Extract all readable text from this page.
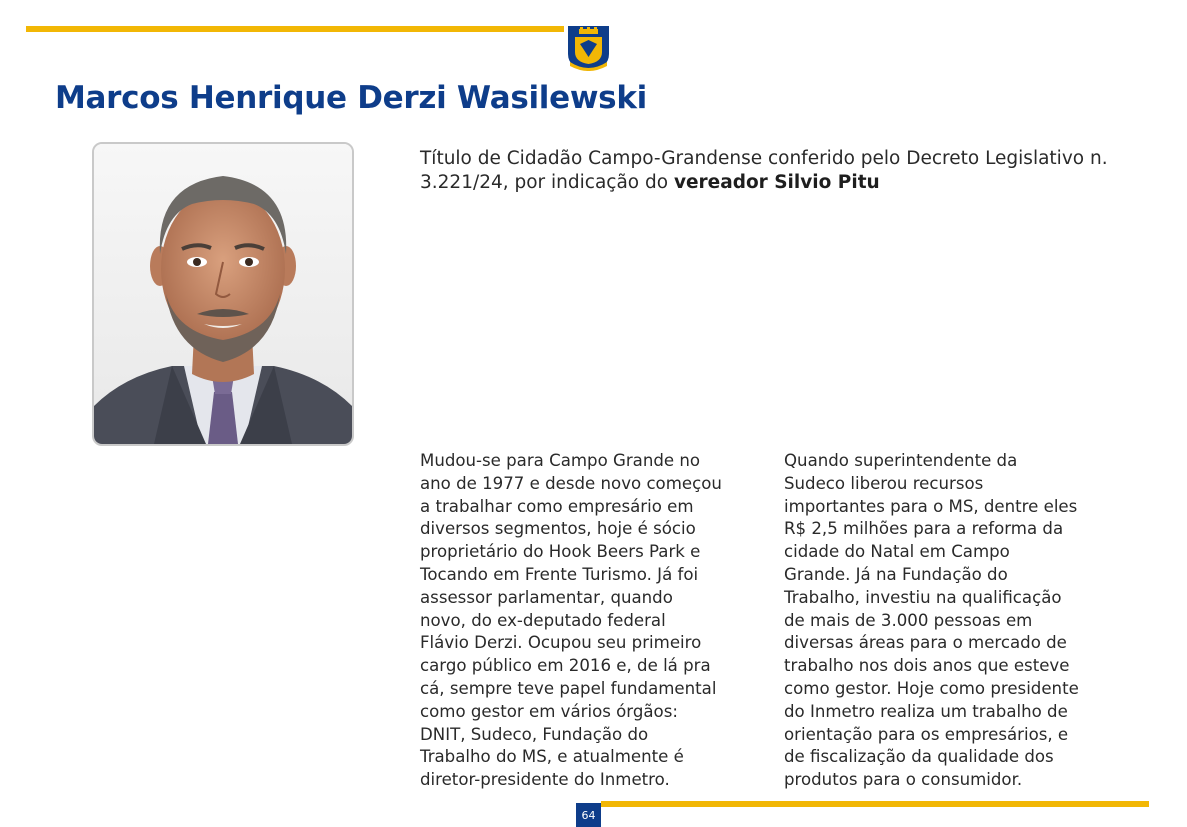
Marcos Henrique Derzi Wasilewski

Título de Cidadão Campo-Grandense conferido pelo Decreto Legislativo n. 3.221/24, por indicação do vereador Silvio Pitu

Mudou-se para Campo Grande no
ano de 1977 e desde novo começou
a trabalhar como empresário em
diversos segmentos, hoje é sócio
proprietário do Hook Beers Park e
Tocando em Frente Turismo. Já foi
assessor parlamentar, quando
novo, do ex-deputado federal
Flávio Derzi. Ocupou seu primeiro
cargo público em 2016 e, de lá pra
cá, sempre teve papel fundamental
como gestor em vários órgãos:
DNIT, Sudeco, Fundação do
Trabalho do MS, e atualmente é
diretor-presidente do Inmetro.
Quando superintendente da
Sudeco liberou recursos
importantes para o MS, dentre eles
R$ 2,5 milhões para a reforma da
cidade do Natal em Campo
Grande. Já na Fundação do
Trabalho, investiu na qualificação
de mais de 3.000 pessoas em
diversas áreas para o mercado de
trabalho nos dois anos que esteve
como gestor. Hoje como presidente
do Inmetro realiza um trabalho de
orientação para os empresários, e
de fiscalização da qualidade dos
produtos para o consumidor.
64
